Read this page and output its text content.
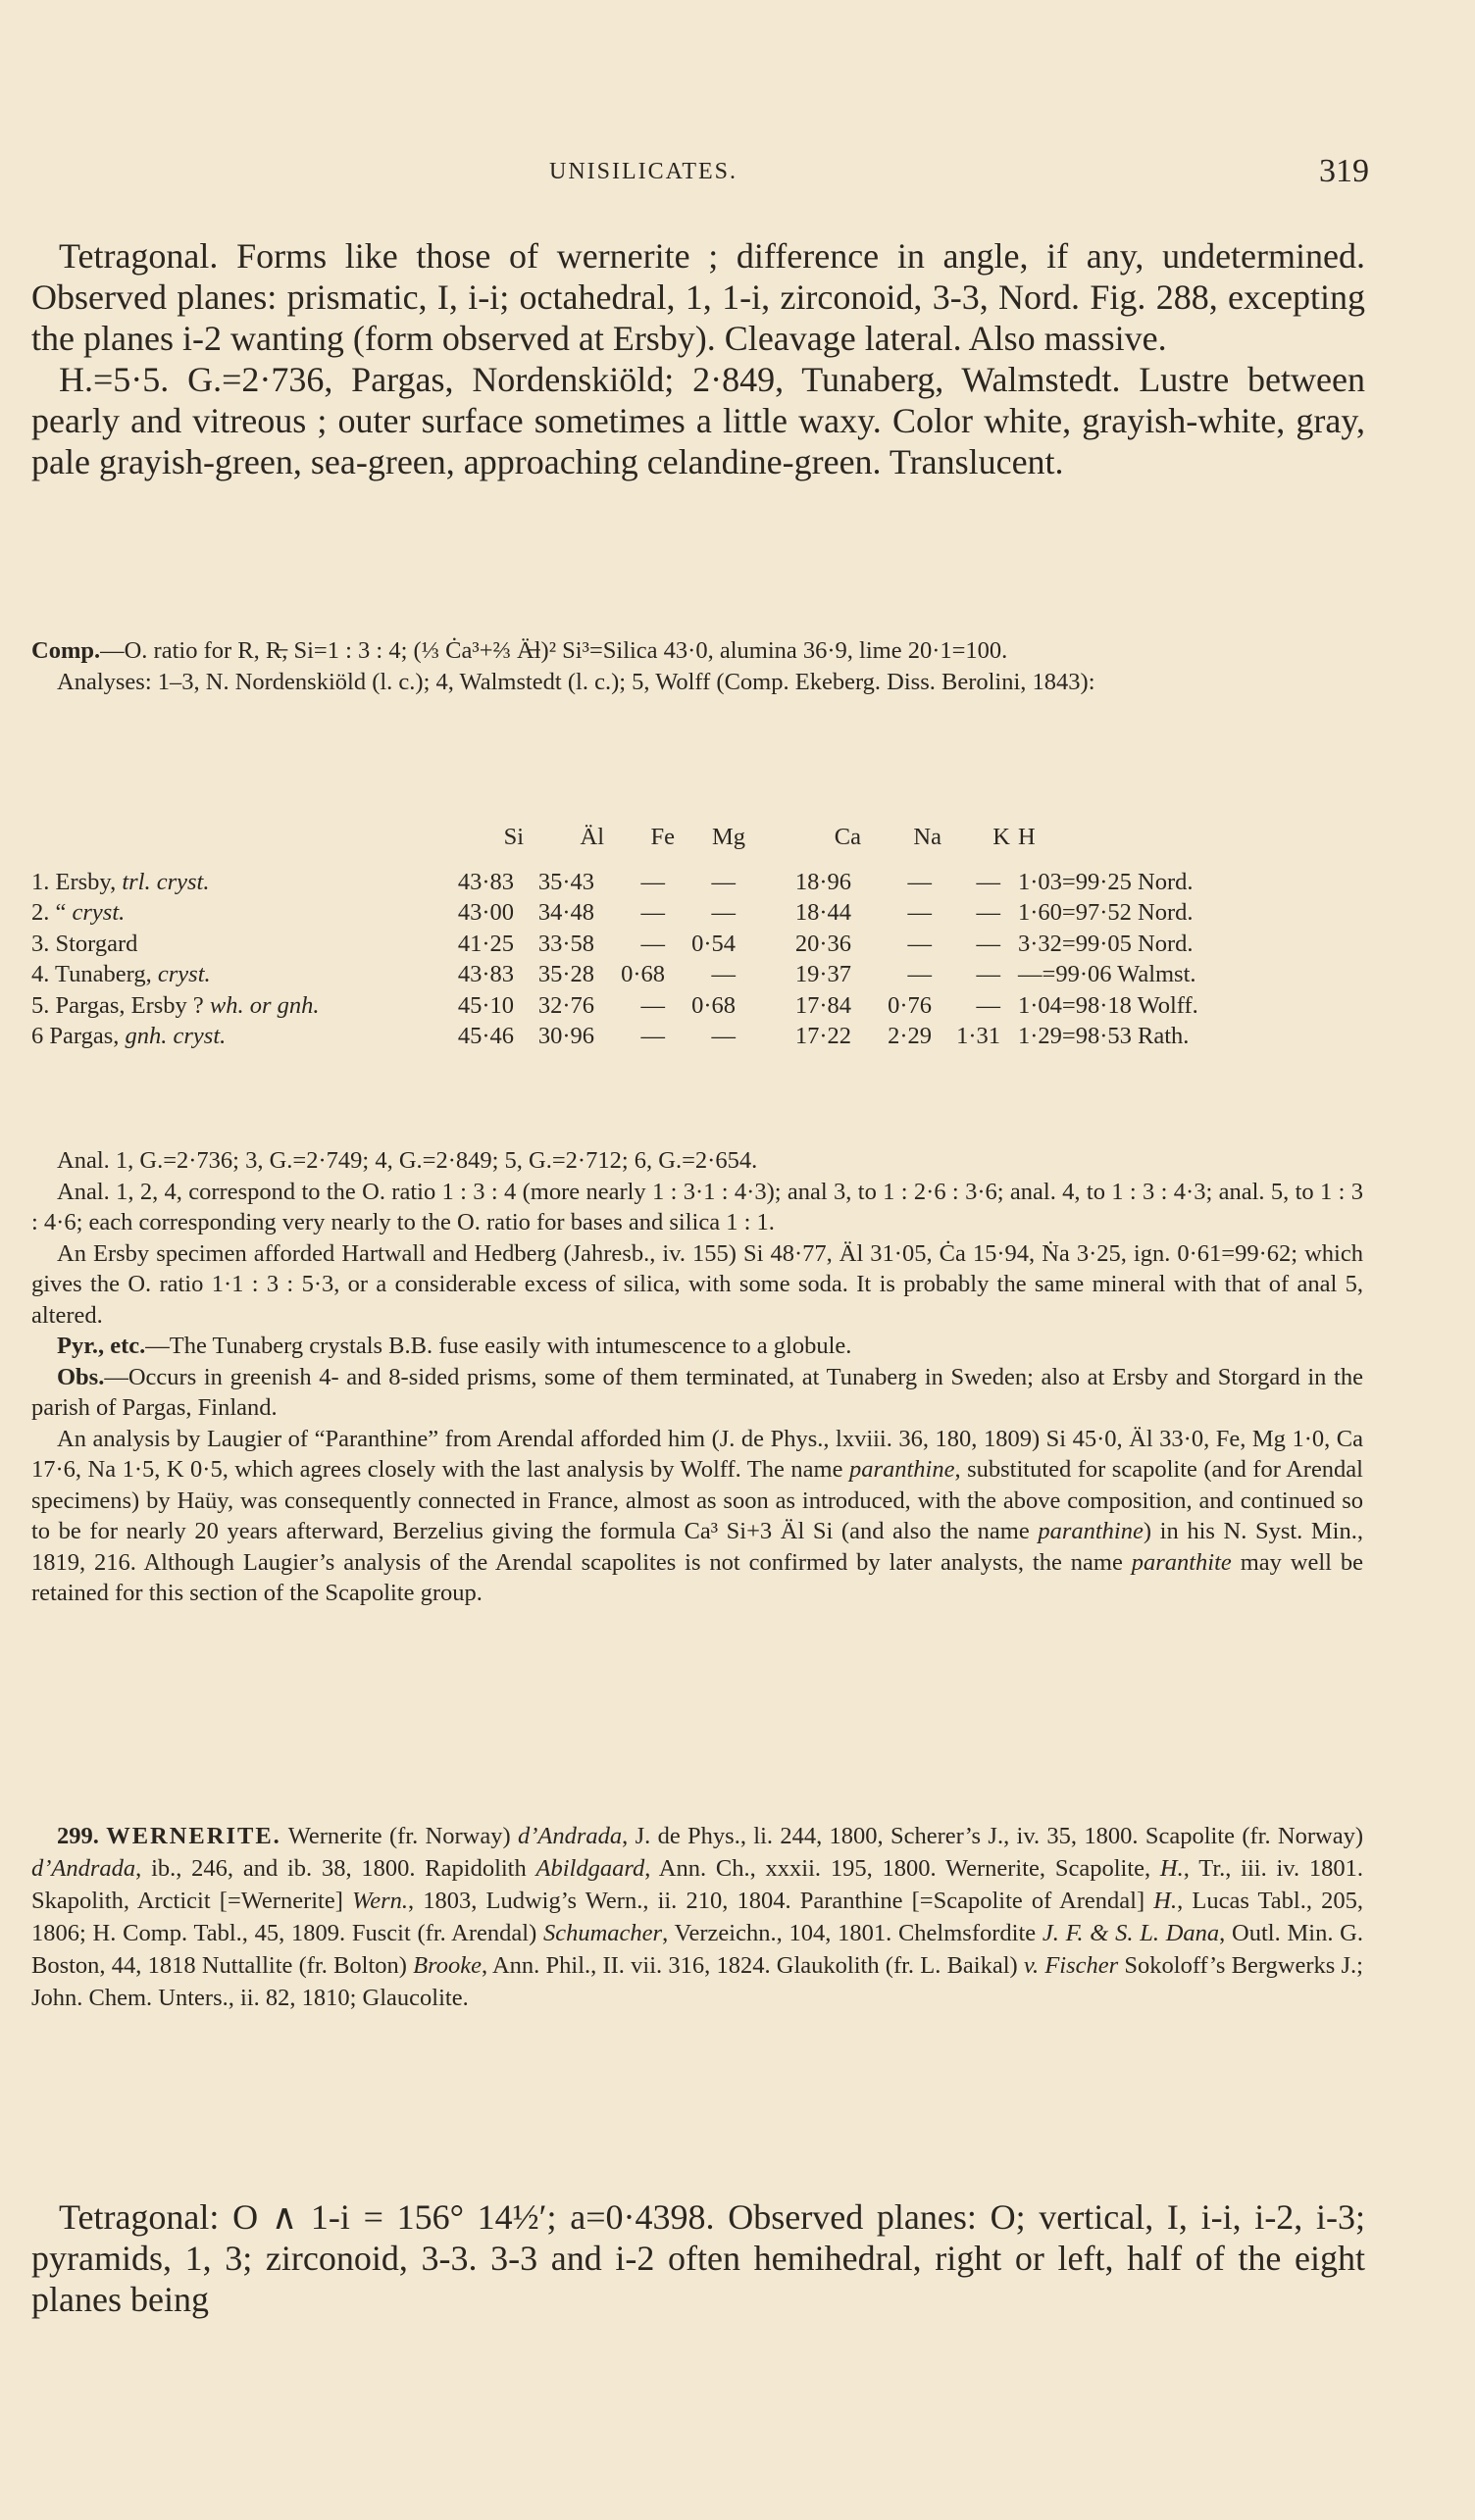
UNISILICATES.	319

Tetragonal. Forms like those of wernerite ; difference in angle, if any, undetermined. Observed planes: prismatic, I, i-i; octahedral, 1, 1-i, zirconoid, 3-3, Nord. Fig. 288, excepting the planes i-2 wanting (form observed at Ersby). Cleavage lateral. Also massive.

H.=5·5. G.=2·736, Pargas, Nordenskiöld; 2·849, Tunaberg, Walmstedt. Lustre between pearly and vitreous ; outer surface sometimes a little waxy. Color white, grayish-white, gray, pale grayish-green, sea-green, approaching celandine-green. Translucent.

Comp.—O. ratio for R, R̶, Si=1 : 3 : 4; (⅓ Ċa³+⅔ Ä̶l)² Si³=Silica 43·0, alumina 36·9, lime 20·1=100.

Analyses: 1–3, N. Nordenskiöld (l. c.); 4, Walmstedt (l. c.); 5, Wolff (Comp. Ekeberg. Diss. Berolini, 1843):

	Si	Äl	Fe	Mg	Ca	Na	K	H
1. Ersby, trl. cryst.	43·83	35·43	—	—	18·96	—	—	1·03=99·25 Nord.
2. “ cryst.	43·00	34·48	—	—	18·44	—	—	1·60=97·52 Nord.
3. Storgard	41·25	33·58	—	0·54	20·36	—	—	3·32=99·05 Nord.
4. Tunaberg, cryst.	43·83	35·28	0·68	—	19·37	—	—	—=99·06 Walmst.
5. Pargas, Ersby ? wh. or gnh.	45·10	32·76	—	0·68	17·84	0·76	—	1·04=98·18 Wolff.
6 Pargas, gnh. cryst.	45·46	30·96	—	—	17·22	2·29	1·31	1·29=98·53 Rath.

Anal. 1, G.=2·736; 3, G.=2·749; 4, G.=2·849; 5, G.=2·712; 6, G.=2·654.

Anal. 1, 2, 4, correspond to the O. ratio 1 : 3 : 4 (more nearly 1 : 3·1 : 4·3); anal 3, to 1 : 2·6 : 3·6; anal. 4, to 1 : 3 : 4·3; anal. 5, to 1 : 3 : 4·6; each corresponding very nearly to the O. ratio for bases and silica 1 : 1.

An Ersby specimen afforded Hartwall and Hedberg (Jahresb., iv. 155) Si 48·77, Äl 31·05, Ċa 15·94, Ṅa 3·25, ign. 0·61=99·62; which gives the O. ratio 1·1 : 3 : 5·3, or a considerable excess of silica, with some soda. It is probably the same mineral with that of anal 5, altered.

Pyr., etc.—The Tunaberg crystals B.B. fuse easily with intumescence to a globule.

Obs.—Occurs in greenish 4- and 8-sided prisms, some of them terminated, at Tunaberg in Sweden; also at Ersby and Storgard in the parish of Pargas, Finland.

An analysis by Laugier of “Paranthine” from Arendal afforded him (J. de Phys., lxviii. 36, 180, 1809) Si 45·0, Äl 33·0, Fe, Mg 1·0, Ca 17·6, Na 1·5, K 0·5, which agrees closely with the last analysis by Wolff. The name paranthine, substituted for scapolite (and for Arendal specimens) by Haüy, was consequently connected in France, almost as soon as introduced, with the above composition, and continued so to be for nearly 20 years afterward, Berzelius giving the formula Ca³ Si+3 Äl Si (and also the name paranthine) in his N. Syst. Min., 1819, 216. Although Laugier’s analysis of the Arendal scapolites is not confirmed by later analysts, the name paranthite may well be retained for this section of the Scapolite group.

299. WERNERITE. Wernerite (fr. Norway) d’Andrada, J. de Phys., li. 244, 1800, Scherer’s J., iv. 35, 1800. Scapolite (fr. Norway) d’Andrada, ib., 246, and ib. 38, 1800. Rapidolith Abildgaard, Ann. Ch., xxxii. 195, 1800. Wernerite, Scapolite, H., Tr., iii. iv. 1801. Skapolith, Arcticit [=Wernerite] Wern., 1803, Ludwig’s Wern., ii. 210, 1804. Paranthine [=Scapolite of Arendal] H., Lucas Tabl., 205, 1806; H. Comp. Tabl., 45, 1809. Fuscit (fr. Arendal) Schumacher, Verzeichn., 104, 1801. Chelmsfordite J. F. & S. L. Dana, Outl. Min. G. Boston, 44, 1818 Nuttallite (fr. Bolton) Brooke, Ann. Phil., II. vii. 316, 1824. Glaukolith (fr. L. Baikal) v. Fischer Sokoloff’s Bergwerks J.; John. Chem. Unters., ii. 82, 1810; Glaucolite.

Tetragonal: O ∧ 1-i = 156° 14½′; a=0·4398. Observed planes: O; vertical, I, i-i, i-2, i-3; pyramids, 1, 3; zirconoid, 3-3. 3-3 and i-2 often hemihedral, right or left, half of the eight planes being
